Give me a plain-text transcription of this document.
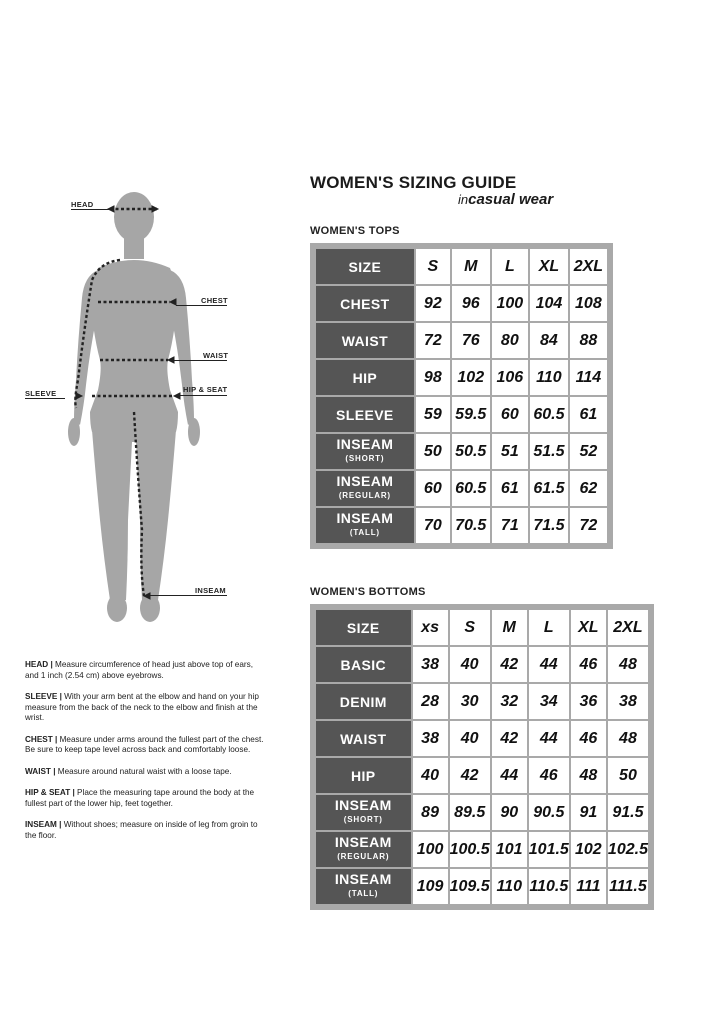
WOMEN'S SIZING GUIDE
incasual wear
WOMEN'S TOPS
WOMEN'S BOTTOMS
SIZE	S	M	L	XL	2XL
CHEST	92	96	100	104	108
WAIST	72	76	80	84	88
HIP	98	102	106	110	114
SLEEVE	59	59.5	60	60.5	61
INSEAM
(SHORT)	50	50.5	51	51.5	52
INSEAM
(REGULAR)	60	60.5	61	61.5	62
INSEAM
(TALL)	70	70.5	71	71.5	72
SIZE	xs	S	M	L	XL	2XL
BASIC	38	40	42	44	46	48
DENIM	28	30	32	34	36	38
WAIST	38	40	42	44	46	48
HIP	40	42	44	46	48	50
INSEAM
(SHORT)	89	89.5	90	90.5	91	91.5
INSEAM
(REGULAR)	100	100.5	101	101.5	102	102.5
INSEAM
(TALL)	109	109.5	110	110.5	111	111.5
HEAD
CHEST
WAIST
SLEEVE	HIP & SEAT
INSEAM

HEAD | Measure circumference of head just above top of ears, and 1 inch (2.54 cm) above eyebrows.

SLEEVE | With your arm bent at the elbow and hand on your hip measure from the back of the neck to the elbow and finish at the wrist.

CHEST | Measure under arms around the fullest part of the chest. Be sure to keep tape level across back and comfortably loose.

WAIST | Measure around natural waist with a loose tape.

HIP & SEAT | Place the measuring tape around the body at the fullest part of the lower hip, feet together.

INSEAM | Without shoes; measure on inside of leg from groin to the floor.
